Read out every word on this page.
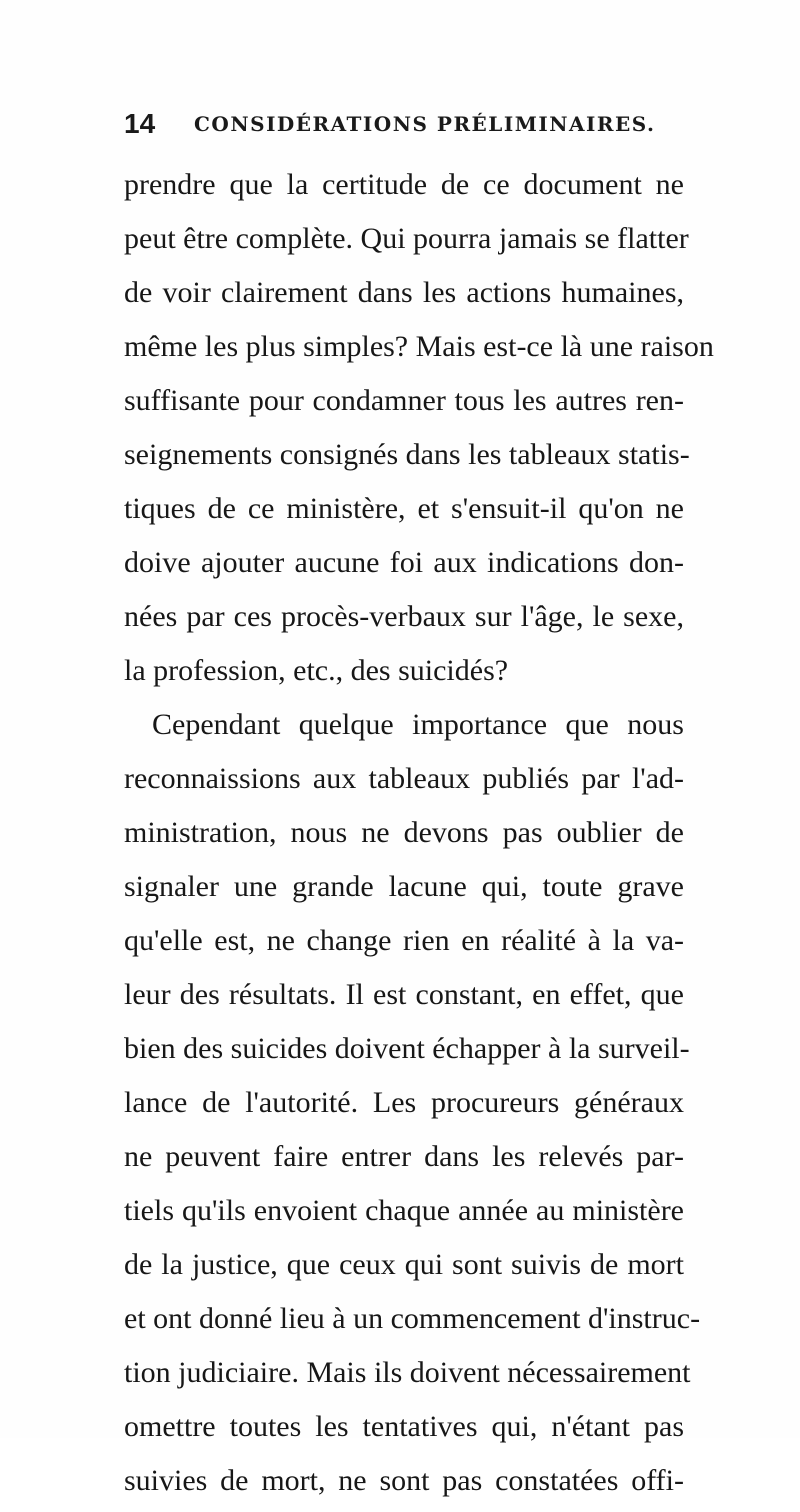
14 CONSIDÉRATIONS PRÉLIMINAIRES.
prendre que la certitude de ce document ne
peut être complète. Qui pourra jamais se flatter
de voir clairement dans les actions humaines,
même les plus simples? Mais est-ce là une raison
suffisante pour condamner tous les autres ren-
seignements consignés dans les tableaux statis-
tiques de ce ministère, et s'ensuit-il qu'on ne
doive ajouter aucune foi aux indications don-
nées par ces procès-verbaux sur l'âge, le sexe,
la profession, etc., des suicidés?
Cependant quelque importance que nous
reconnaissions aux tableaux publiés par l'ad-
ministration, nous ne devons pas oublier de
signaler une grande lacune qui, toute grave
qu'elle est, ne change rien en réalité à la va-
leur des résultats. Il est constant, en effet, que
bien des suicides doivent échapper à la surveil-
lance de l'autorité. Les procureurs généraux
ne peuvent faire entrer dans les relevés par-
tiels qu'ils envoient chaque année au ministère
de la justice, que ceux qui sont suivis de mort
et ont donné lieu à un commencement d'instruc-
tion judiciaire. Mais ils doivent nécessairement
omettre toutes les tentatives qui, n'étant pas
suivies de mort, ne sont pas constatées offi-
